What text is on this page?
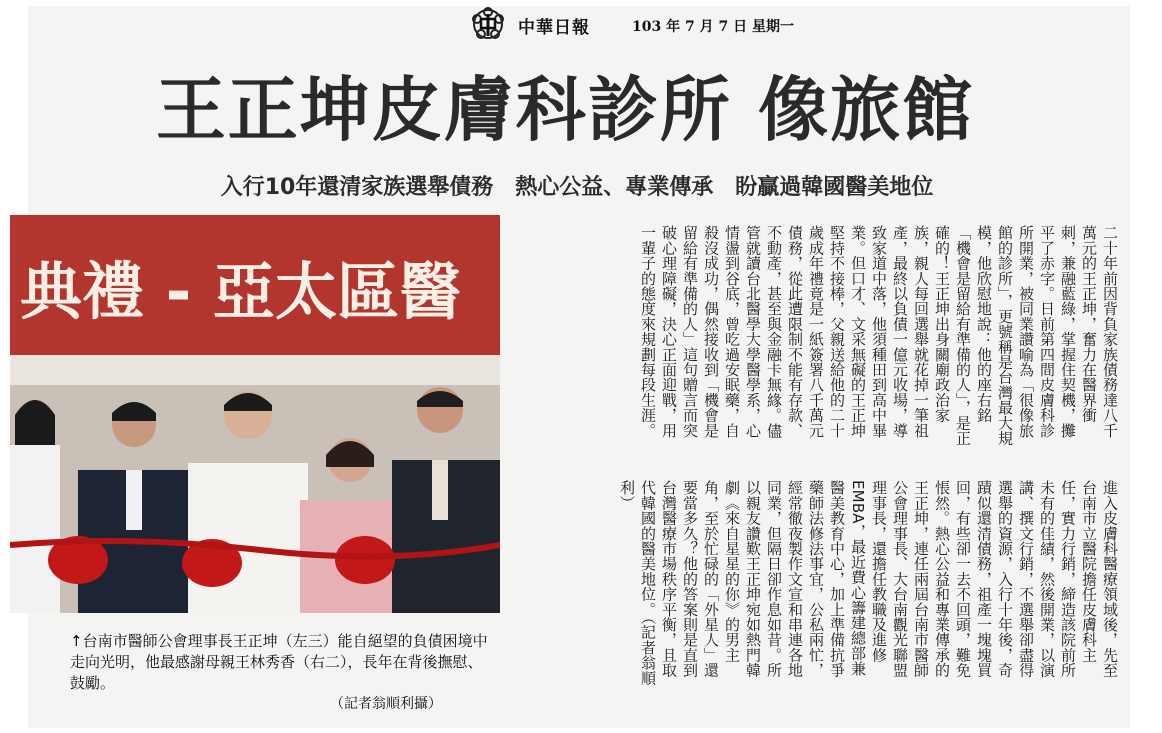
中華日報	103 年 7 月 7 日 星期一
王正坤皮膚科診所 像旅館
入行10年還清家族選舉債務　熱心公益、專業傳承　盼贏過韓國醫美地位
典禮 - 亞太區醫
↑台南市醫師公會理事長王正坤（左三）能自絕望的負債困境中走向光明，他最感謝母親王林秀香（右二），長年在背後撫慰、鼓勵。
（記者翁順利攝）
二十年前因背負家族債務達八千萬元的王正坤，奮力在醫界衝刺，兼融藍綠，掌握住契機，攤平了赤字。日前第四間皮膚科診所開業，被同業讚喻為「很像旅館的診所」，更號稱是台灣最大規模，他欣慰地說：他的座右銘「機會是留給有準備的人」，是正確的！王正坤出身關廟政治家族，親人每回選舉就花掉一筆祖產，最終以負債一億元收場，導致家道中落，他須種田到高中畢業。但口才、文采無礙的王正坤堅持不接棒，父親送給他的二十歲成年禮竟是一紙簽署八千萬元債務，從此遭限制不能有存款、不動產，甚至與金融卡無緣。儘管就讀台北醫學大學醫學系，心情盪到谷底，曾吃過安眠藥，自殺沒成功，偶然接收到「機會是留給有準備的人」這句贈言而突破心理障礙，決心正面迎戰，用一輩子的態度來規劃每段生涯。
進入皮膚科醫療領域後，先至台南市立醫院擔任皮膚科主任，實力行銷，締造該院前所未有的佳績，然後開業，以演講、撰文行銷，不選舉卻盡得選舉的資源，入行十年後，奇蹟似還清債務，祖產一塊塊買回，有些卻一去不回頭，難免悵然。熱心公益和專業傳承的王正坤，連任兩屆台南市醫師公會理事長、大台南觀光聯盟理事長，還擔任教職及進修EMBA，最近費心籌建總部兼醫美教育中心，加上準備抗爭藥師法修法事宜，公私兩忙，經常徹夜製作文宣和串連各地同業，但隔日卻作息如昔。所以親友讚歎王正坤宛如熱門韓劇《來自星星的你》的男主角，至於忙碌的「外星人」還要當多久？他的答案則是直到台灣醫療市場秩序平衡，且取代韓國的醫美地位。（記者翁順利）
